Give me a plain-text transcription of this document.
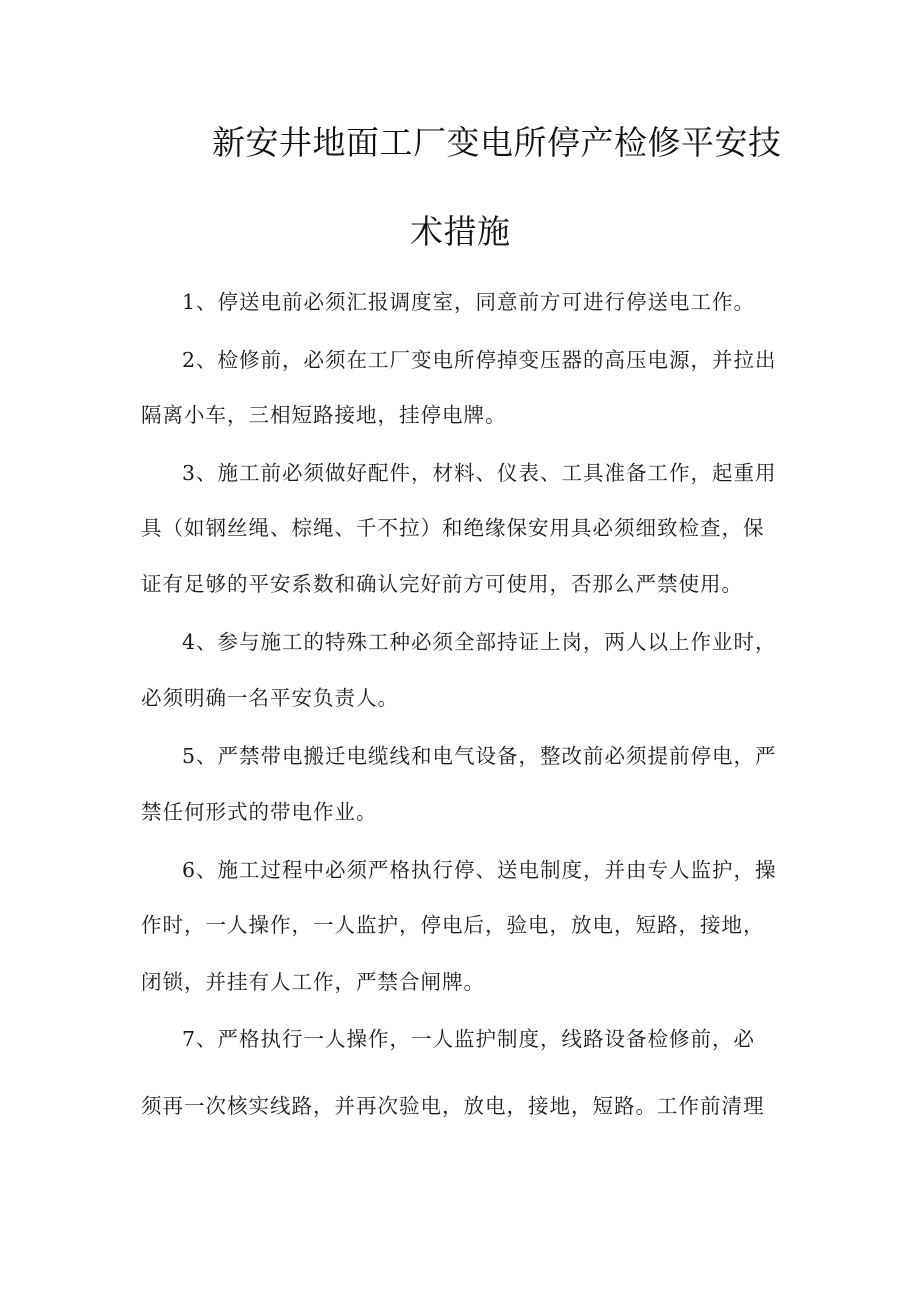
新安井地面工厂变电所停产检修平安技
术措施
1、停送电前必须汇报调度室，同意前方可进行停送电工作。
2、检修前，必须在工厂变电所停掉变压器的高压电源，并拉出
隔离小车，三相短路接地，挂停电牌。
3、施工前必须做好配件，材料、仪表、工具准备工作，起重用
具（如钢丝绳、棕绳、千不拉）和绝缘保安用具必须细致检查，保
证有足够的平安系数和确认完好前方可使用，否那么严禁使用。
4、参与施工的特殊工种必须全部持证上岗，两人以上作业时，
必须明确一名平安负责人。
5、严禁带电搬迁电缆线和电气设备，整改前必须提前停电，严
禁任何形式的带电作业。
6、施工过程中必须严格执行停、送电制度，并由专人监护，操
作时，一人操作，一人监护，停电后，验电，放电，短路，接地，
闭锁，并挂有人工作，严禁合闸牌。
7、严格执行一人操作，一人监护制度，线路设备检修前，必
须再一次核实线路，并再次验电，放电，接地，短路。工作前清理
